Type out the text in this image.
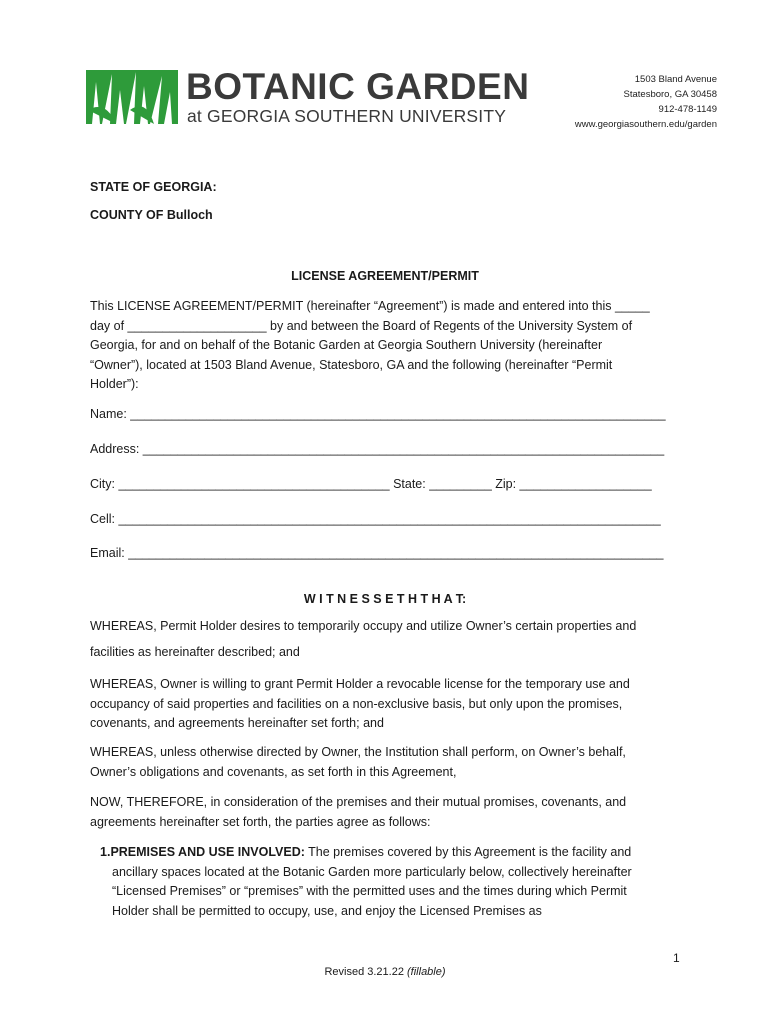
BOTANIC GARDEN
at GEORGIA SOUTHERN UNIVERSITY
1503 Bland Avenue
Statesboro, GA 30458
912-478-1149
www.georgiasouthern.edu/garden
STATE OF GEORGIA:
COUNTY OF Bulloch
LICENSE AGREEMENT/PERMIT
This LICENSE AGREEMENT/PERMIT (hereinafter “Agreement”) is made and entered into this _____ day of ____________________ by and between the Board of Regents of the University System of Georgia, for and on behalf of the Botanic Garden at Georgia Southern University (hereinafter “Owner”), located at 1503 Bland Avenue, Statesboro, GA and the following (hereinafter “Permit Holder”):
Name: _____________________________________________________________________________
Address: ___________________________________________________________________________
City: _______________________________________ State: _________ Zip: ___________________
Cell: ______________________________________________________________________________
Email: _____________________________________________________________________________
W I T N E S S E T H T H A T:
WHEREAS, Permit Holder desires to temporarily occupy and utilize Owner’s certain properties and
facilities as hereinafter described; and
WHEREAS, Owner is willing to grant Permit Holder a revocable license for the temporary use and occupancy of said properties and facilities on a non-exclusive basis, but only upon the promises, covenants, and agreements hereinafter set forth; and
WHEREAS, unless otherwise directed by Owner, the Institution shall perform, on Owner’s behalf, Owner’s obligations and covenants, as set forth in this Agreement,
NOW, THEREFORE, in consideration of the premises and their mutual promises, covenants, and agreements hereinafter set forth, the parties agree as follows:
1.PREMISES AND USE INVOLVED: The premises covered by this Agreement is the facility and ancillary spaces located at the Botanic Garden more particularly below, collectively hereinafter “Licensed Premises” or “premises” with the permitted uses and the times during which Permit Holder shall be permitted to occupy, use, and enjoy the Licensed Premises as
1
Revised 3.21.22 (fillable)
